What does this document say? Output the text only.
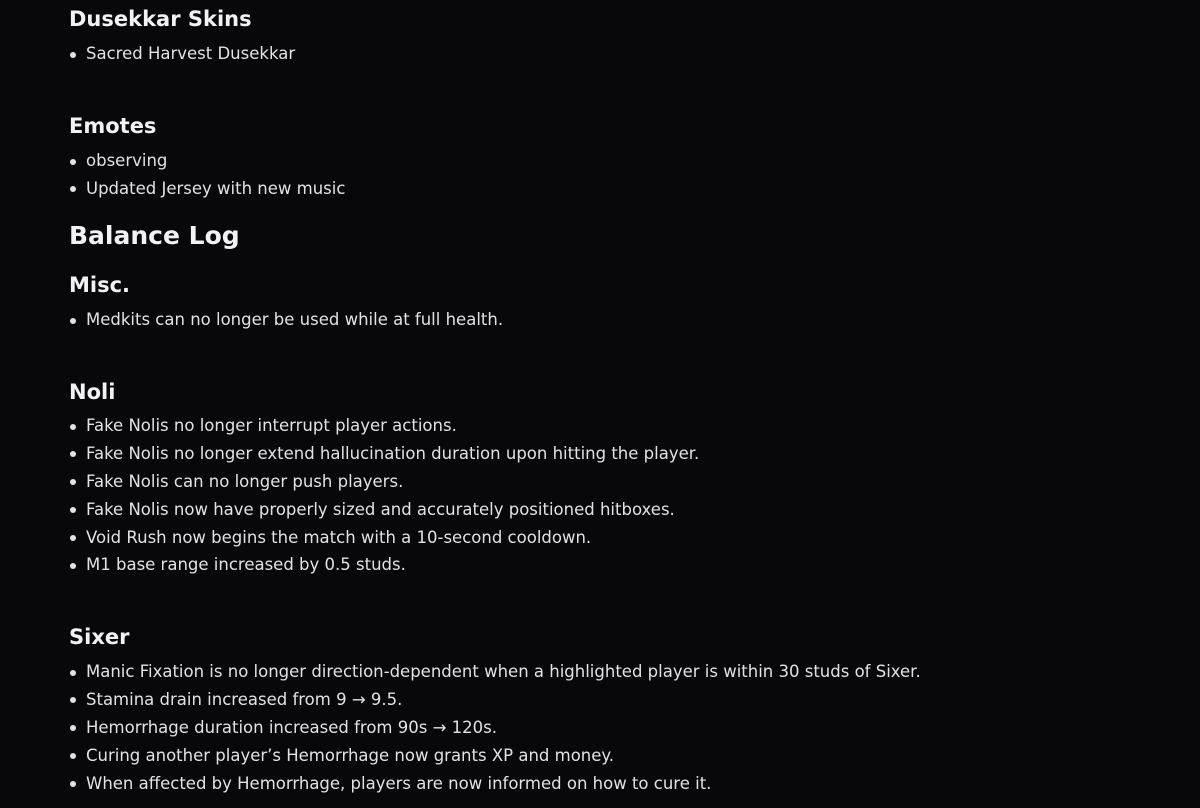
Dusekkar Skins
Sacred Harvest Dusekkar
Emotes
observing
Updated Jersey with new music
Balance Log
Misc.
Medkits can no longer be used while at full health.
Noli
Fake Nolis no longer interrupt player actions.
Fake Nolis no longer extend hallucination duration upon hitting the player.
Fake Nolis can no longer push players.
Fake Nolis now have properly sized and accurately positioned hitboxes.
Void Rush now begins the match with a 10-second cooldown.
M1 base range increased by 0.5 studs.
Sixer
Manic Fixation is no longer direction-dependent when a highlighted player is within 30 studs of Sixer.
Stamina drain increased from 9 → 9.5.
Hemorrhage duration increased from 90s → 120s.
Curing another player’s Hemorrhage now grants XP and money.
When affected by Hemorrhage, players are now informed on how to cure it.
